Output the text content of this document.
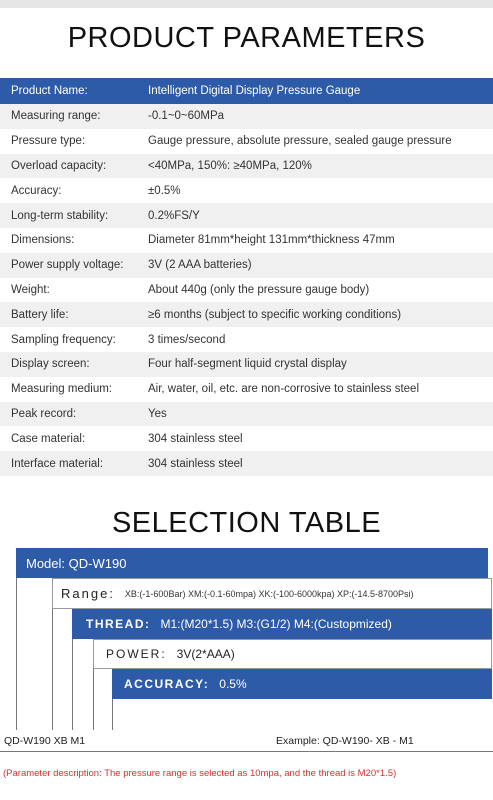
PRODUCT PARAMETERS
Product Name:	Intelligent Digital Display Pressure Gauge
Measuring range:	-0.1~0~60MPa
Pressure type:	Gauge pressure, absolute pressure, sealed gauge pressure
Overload capacity:	<40MPa, 150%: ≥40MPa, 120%
Accuracy:	±0.5%
Long-term stability:	0.2%FS/Y
Dimensions:	Diameter 81mm*height 131mm*thickness 47mm
Power supply voltage:	3V (2 AAA batteries)
Weight:	About 440g (only the pressure gauge body)
Battery life:	≥6 months (subject to specific working conditions)
Sampling frequency:	3 times/second
Display screen:	Four half-segment liquid crystal display
Measuring medium:	Air, water, oil, etc. are non-corrosive to stainless steel
Peak record:	Yes
Case material:	304 stainless steel
Interface material:	304 stainless steel
SELECTION TABLE
Model: QD-W190
Range: XB:(-1-600Bar) XM:(-0.1-60mpa) XK:(-100-6000kpa) XP:(-14.5-8700Psi)
THREAD: M1:(M20*1.5) M3:(G1/2) M4:(Custopmized)
POWER: 3V(2*AAA)
ACCURACY: 0.5%
QD-W190 XB M1	Example: QD-W190- XB - M1
(Parameter description: The pressure range is selected as 10mpa, and the thread is M20*1.5)
